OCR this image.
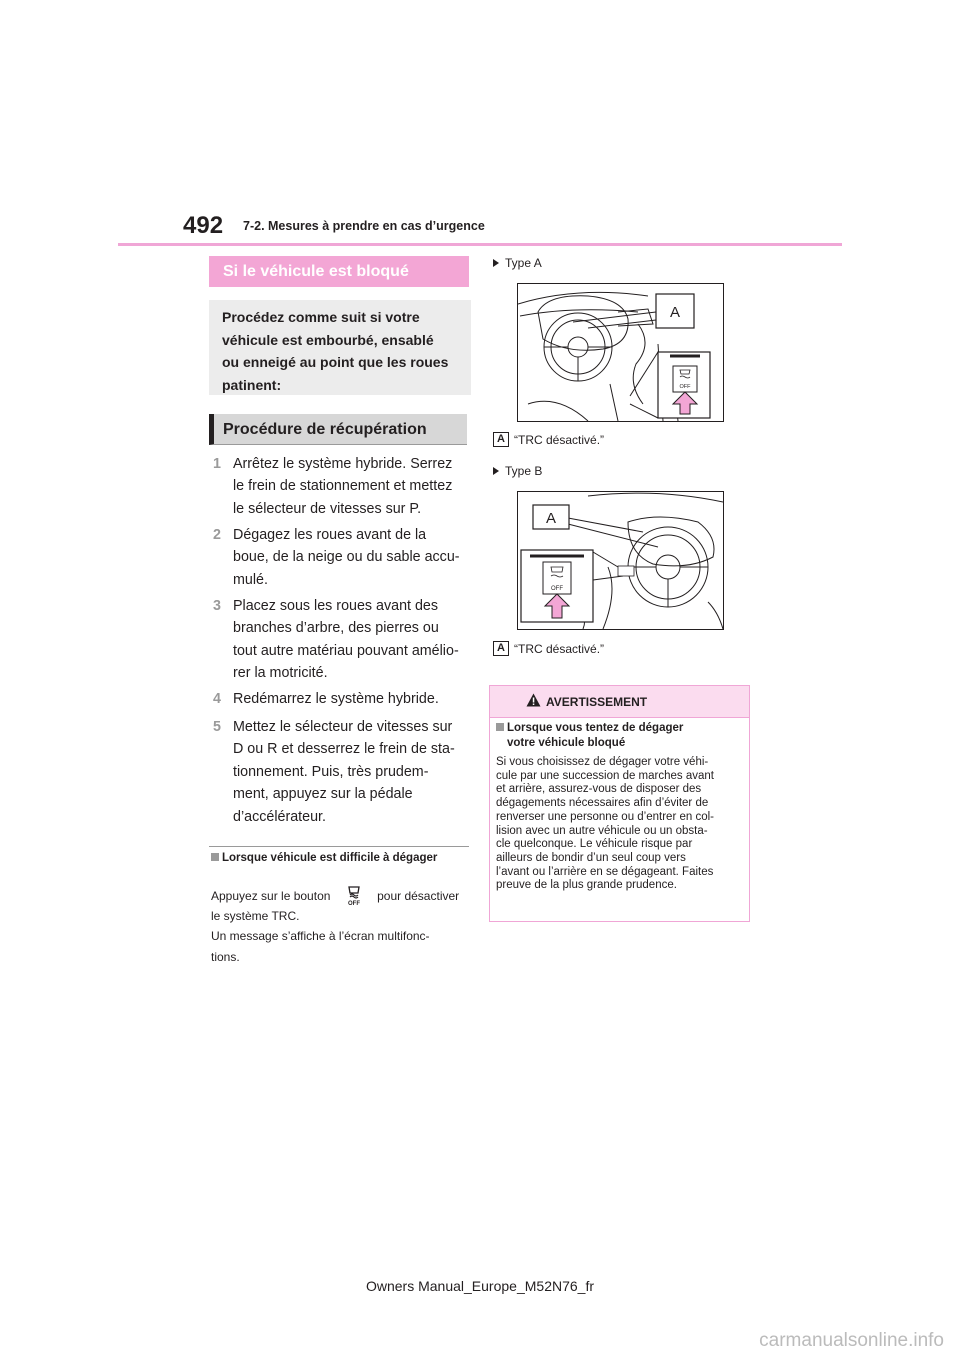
492 7-2. Mesures à prendre en cas d’urgence
Si le véhicule est bloqué
Procédez comme suit si votre
véhicule est embourbé, ensablé
ou enneigé au point que les roues
patinent:
Procédure de récupération
1 Arrêtez le système hybride. Serrez
le frein de stationnement et mettez
le sélecteur de vitesses sur P.
2 Dégagez les roues avant de la
boue, de la neige ou du sable accu-
mulé.
3 Placez sous les roues avant des
branches d’arbre, des pierres ou
tout autre matériau pouvant amélio-
rer la motricité.
4 Redémarrez le système hybride.
5 Mettez le sélecteur de vitesses sur
D ou R et desserrez le frein de sta-
tionnement. Puis, très prudem-
ment, appuyez sur la pédale
d’accélérateur.
Lorsque véhicule est difficile à dégager
Appuyez sur le bouton
OFF
pour désactiver
le système TRC.
Un message s’affiche à l’écran multifonc-
tions.
Type A
A
OFF
A “TRC désactivé.”
Type B
A
OFF
A “TRC désactivé.”
AVERTISSEMENT
Lorsque vous tentez de dégager
votre véhicule bloqué
Si vous choisissez de dégager votre véhi-
cule par une succession de marches avant
et arrière, assurez-vous de disposer des
dégagements nécessaires afin d’éviter de
renverser une personne ou d’entrer en col-
lision avec un autre véhicule ou un obsta-
cle quelconque. Le véhicule risque par
ailleurs de bondir d’un seul coup vers
l’avant ou l’arrière en se dégageant. Faites
preuve de la plus grande prudence.
Owners Manual_Europe_M52N76_fr
carmanualsonline.info
